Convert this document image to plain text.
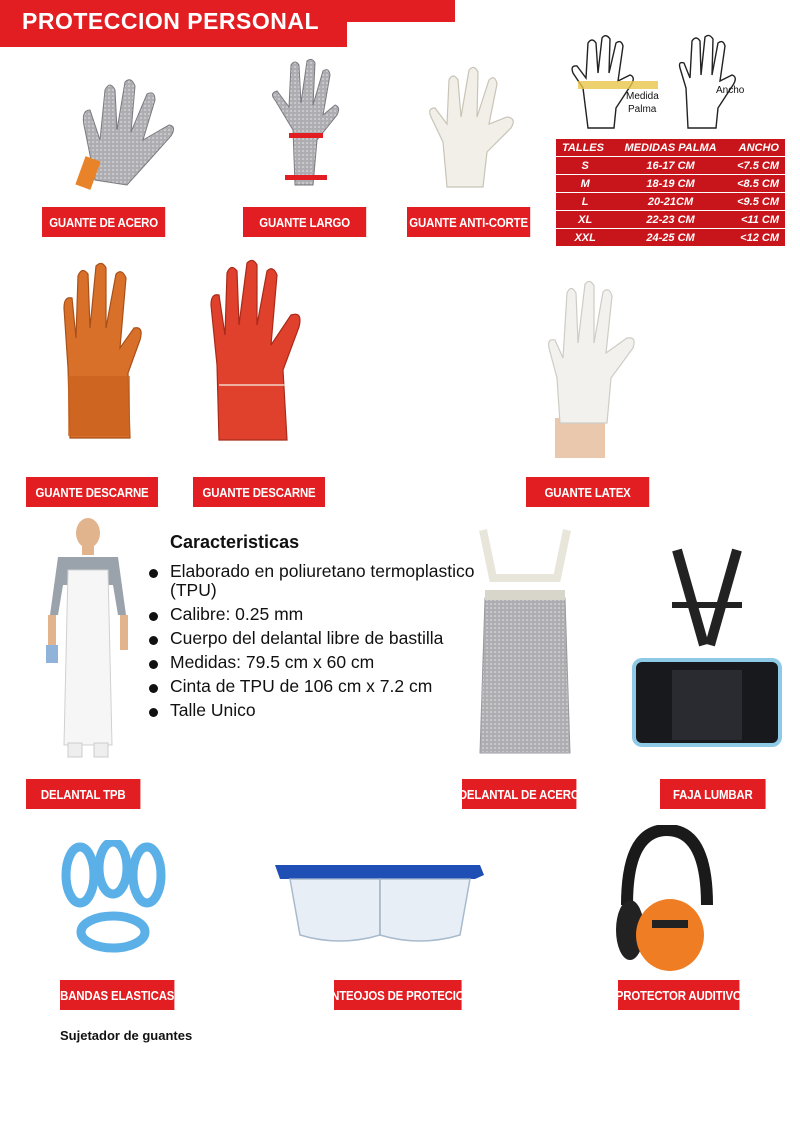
PROTECCION PERSONAL
Medida
Palma
Ancho
TALLES	MEDIDAS PALMA	ANCHO
S	16-17 CM	<7.5 CM
M	18-19 CM	<8.5 CM
L	20-21CM	<9.5 CM
XL	22-23 CM	<11 CM
XXL	24-25 CM	<12 CM
GUANTE DE ACERO	GUANTE LARGO	GUANTE ANTI-CORTE
GUANTE DESCARNE	GUANTE DESCARNE	GUANTE LATEX
Caracteristicas
Elaborado en poliuretano termoplastico (TPU)
Calibre: 0.25 mm
Cuerpo del delantal libre de bastilla
Medidas: 79.5 cm x 60 cm
Cinta de TPU de 106 cm x 7.2 cm
Talle Unico
DELANTAL TPB	DELANTAL DE ACERO	FAJA LUMBAR
BANDAS ELASTICAS	ANTEOJOS DE PROTECION	PROTECTOR AUDITIVO
Sujetador de guantes
